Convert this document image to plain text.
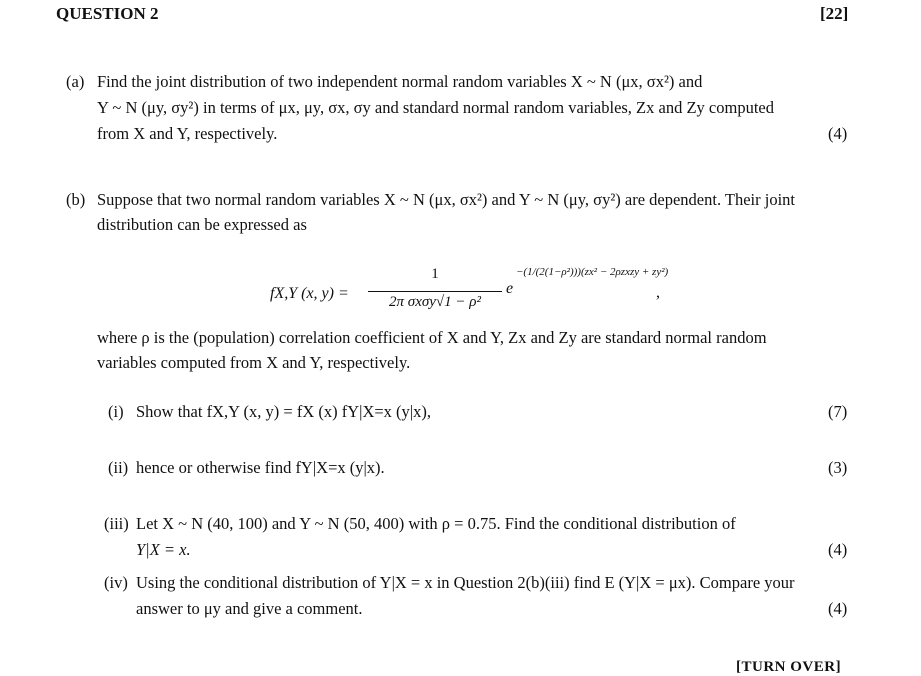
QUESTION 2	[22]
(a) Find the joint distribution of two independent normal random variables X ~ N (μx, σx²) and
Y ~ N (μy, σy²) in terms of μx, μy, σx, σy and standard normal random variables, Zx and Zy computed
from X and Y, respectively.	(4)
(b) Suppose that two normal random variables X ~ N (μx, σx²) and Y ~ N (μy, σy²) are dependent. Their joint
distribution can be expressed as
fX,Y (x, y) =
1
2π σxσy√1 − ρ²
e
−(1/(2(1−ρ²)))(zx² − 2ρzxzy + zy²)
,
where ρ is the (population) correlation coefficient of X and Y, Zx and Zy are standard normal random
variables computed from X and Y, respectively.
(i) Show that fX,Y (x, y) = fX (x) fY|X=x (y|x),	(7)
(ii) hence or otherwise find fY|X=x (y|x).	(3)
(iii) Let X ~ N (40, 100) and Y ~ N (50, 400) with ρ = 0.75. Find the conditional distribution of
Y|X = x.	(4)
(iv) Using the conditional distribution of Y|X = x in Question 2(b)(iii) find E (Y|X = μx). Compare your
answer to μy and give a comment.	(4)
[TURN OVER]
